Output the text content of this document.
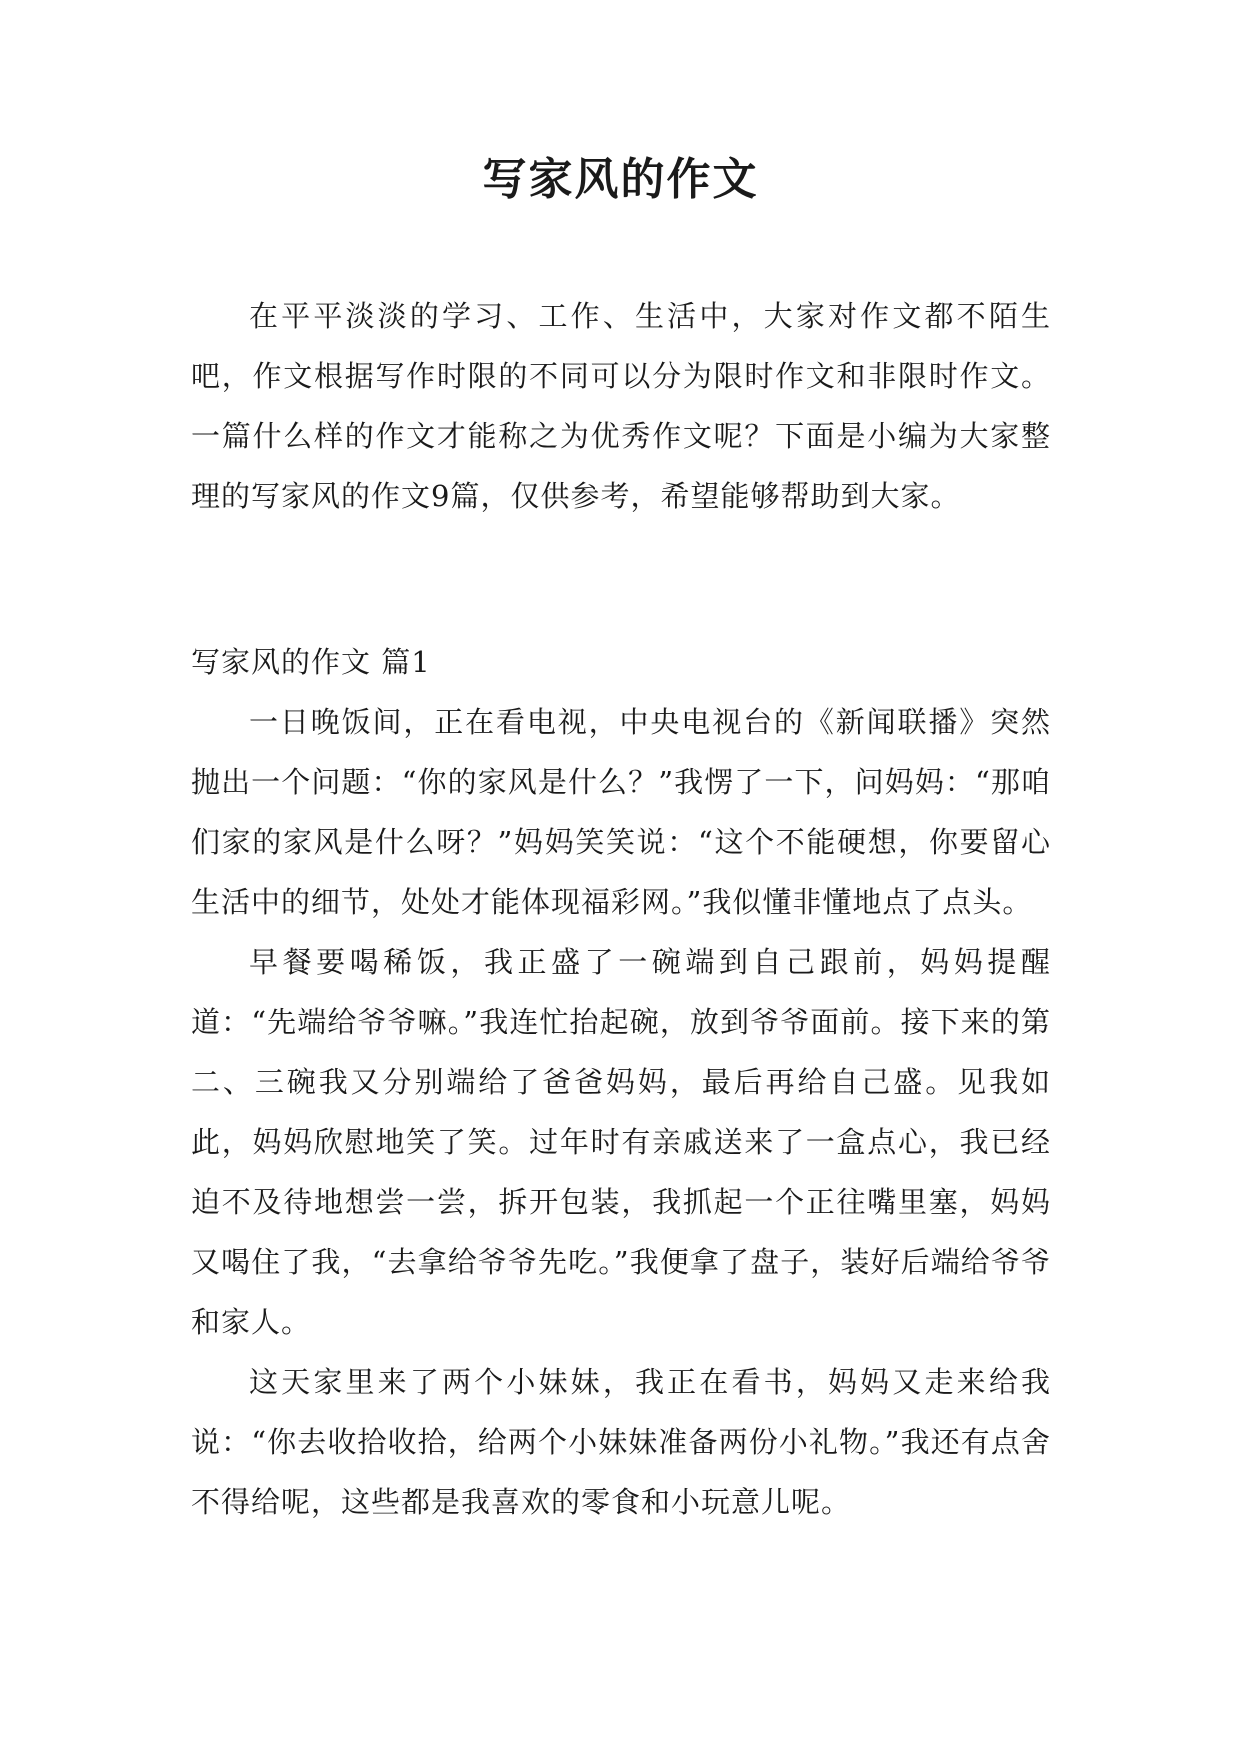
写家风的作文

在平平淡淡的学习、工作、生活中，大家对作文都不陌生吧，作文根据写作时限的不同可以分为限时作文和非限时作文。一篇什么样的作文才能称之为优秀作文呢？下面是小编为大家整理的写家风的作文9篇，仅供参考，希望能够帮助到大家。

写家风的作文 篇1

一日晚饭间，正在看电视，中央电视台的《新闻联播》突然抛出一个问题：“你的家风是什么？”我愣了一下，问妈妈：“那咱们家的家风是什么呀？”妈妈笑笑说：“这个不能硬想，你要留心生活中的细节，处处才能体现福彩网。”我似懂非懂地点了点头。

早餐要喝稀饭，我正盛了一碗端到自己跟前，妈妈提醒道：“先端给爷爷嘛。”我连忙抬起碗，放到爷爷面前。接下来的第二、三碗我又分别端给了爸爸妈妈，最后再给自己盛。见我如此，妈妈欣慰地笑了笑。过年时有亲戚送来了一盒点心，我已经迫不及待地想尝一尝，拆开包装，我抓起一个正往嘴里塞，妈妈又喝住了我，“去拿给爷爷先吃。”我便拿了盘子，装好后端给爷爷和家人。

这天家里来了两个小妹妹，我正在看书，妈妈又走来给我说：“你去收拾收拾，给两个小妹妹准备两份小礼物。”我还有点舍不得给呢，这些都是我喜欢的零食和小玩意儿呢。
